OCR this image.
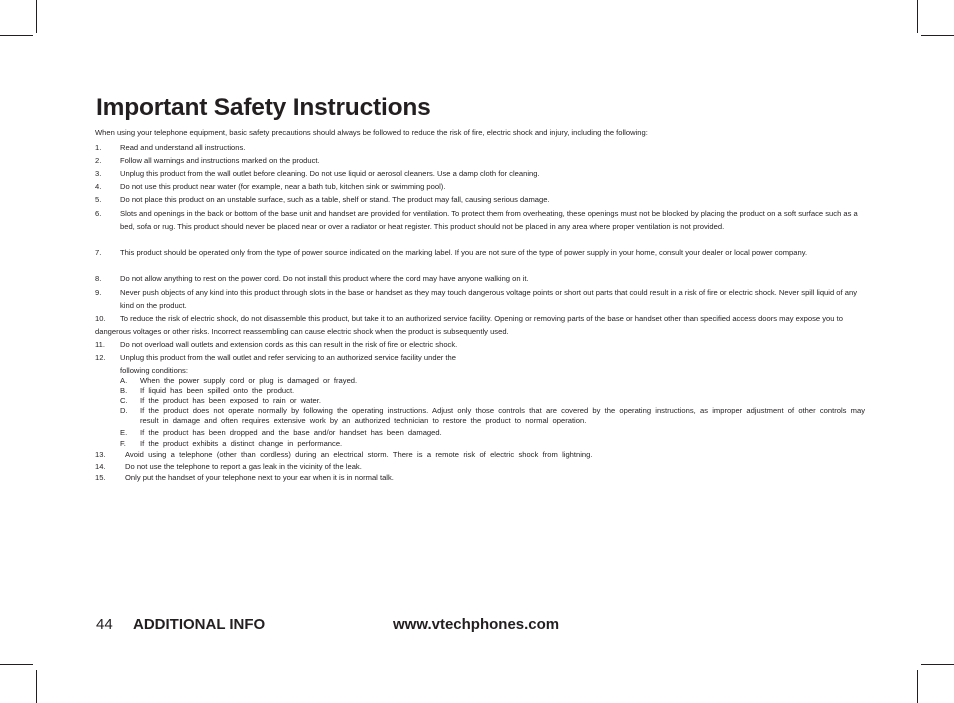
Important Safety Instructions
When using your telephone equipment, basic safety precautions should always be followed to reduce the risk of fire, electric shock and injury, including the following:
1. Read and understand all instructions.
2. Follow all warnings and instructions marked on the product.
3. Unplug this product from the wall outlet before cleaning. Do not use liquid or aerosol cleaners. Use a damp cloth for cleaning.
4. Do not use this product near water (for example, near a bath tub, kitchen sink or swimming pool).
5. Do not place this product on an unstable surface, such as a table, shelf or stand. The product may fall, causing serious damage.
6. Slots and openings in the back or bottom of the base unit and handset are provided for ventilation. To protect them from overheating, these openings must not be blocked by placing the product on a soft surface such as a bed, sofa or rug. This product should never be placed near or over a radiator or heat register. This product should not be placed in any area where proper ventilation is not provided.
7. This product should be operated only from the type of power source indicated on the marking label. If you are not sure of the type of power supply in your home, consult your dealer or local power company.
8. Do not allow anything to rest on the power cord. Do not install this product where the cord may have anyone walking on it.
9. Never push objects of any kind into this product through slots in the base or handset as they may touch dangerous voltage points or short out parts that could result in a risk of fire or electric shock. Never spill liquid of any kind on the product.
10.	To reduce the risk of electric shock, do not disassemble this product, but take it to an authorized service facility. Opening or removing parts of the base or handset other than specified access doors may expose you to dangerous voltages or other risks. Incorrect reassembling can cause electric shock when the product is subsequently used.
11. Do not overload wall outlets and extension cords as this can result in the risk of fire or electric shock.
12. Unplug this product from the wall outlet and refer servicing to an authorized service facility under the
following conditions:
A. When the power supply cord or plug is damaged or frayed.
B. If liquid has been spilled onto the product.
C. If the product has been exposed to rain or water.
D. If the product does not operate normally by following the operating instructions. Adjust only those controls that are covered by the operating instructions, as improper adjustment of other controls may result in damage and often requires extensive work by an authorized technician to restore the product to normal operation.
E. If the product has been dropped and the base and/or handset has been damaged.
F. If the product exhibits a distinct change in performance.
13.	Avoid using a telephone (other than cordless) during an electrical storm. There is a remote risk of electric shock from lightning.
14.	Do not use the telephone to report a gas leak in the vicinity of the leak.
15.	Only put the handset of your telephone next to your ear when it is in normal talk.
44 ADDITIONAL INFO	www.vtechphones.com
